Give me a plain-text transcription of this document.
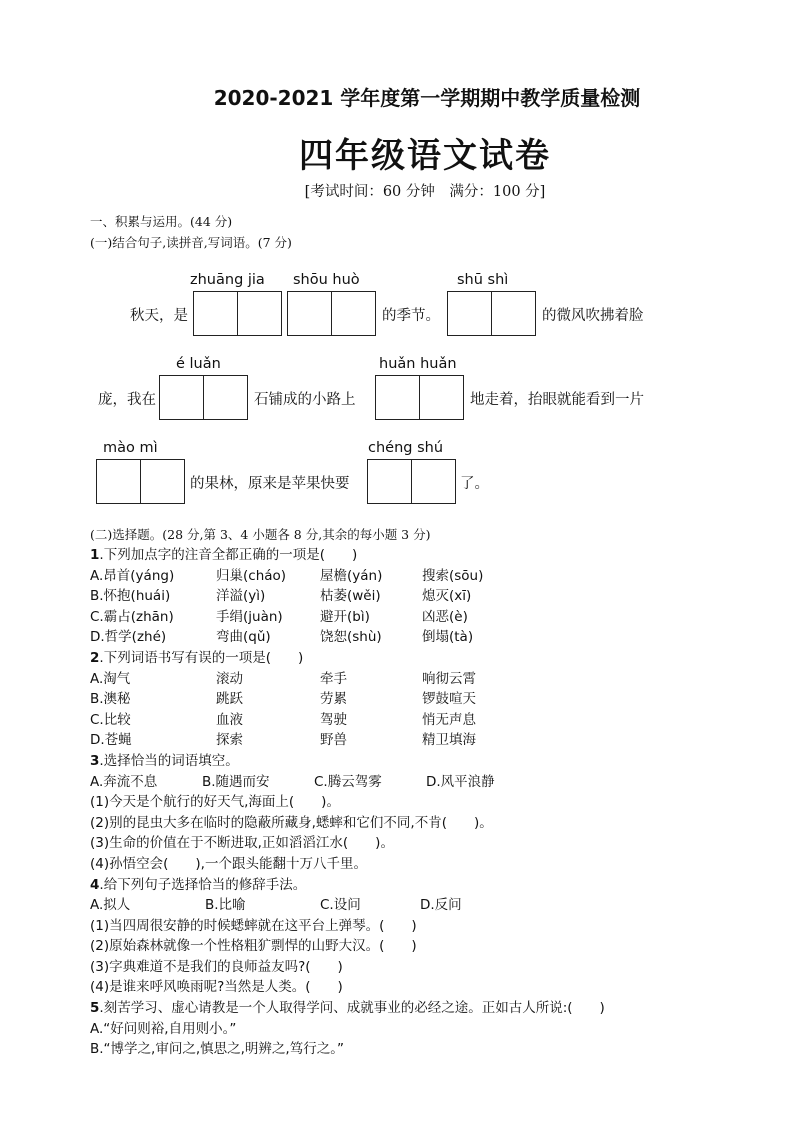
2020-2021 学年度第一学期期中教学质量检测
四年级语文试卷
[考试时间：60 分钟　满分：100 分]
一、积累与运用。(44 分)
(一)结合句子,读拼音,写词语。(7 分)
zhuāng jia shōu huò	shū shì
秋天，是	的季节。	的微风吹拂着脸
é luǎn	huǎn huǎn
庞，我在	石铺成的小路上	地走着，抬眼就能看到一片
mào mì	chéng shú
的果林，原来是苹果快要	了。
(二)选择题。(28 分,第 3、4 小题各 8 分,其余的每小题 3 分)
1 .下列加点字的注音全都正确的一项是(　　)
A.昂首(yáng)	归巢(cháo)	屋檐(yán)	搜索(sōu)
B.怀抱(huái)	洋溢(yì)	枯萎(wěi)	熄灭(xī)
C.霸占(zhān)	手绢(juàn)	避开(bì)	凶恶(è)
D.哲学(zhé)	弯曲(qǔ)	饶恕(shù)	倒塌(tà)
2 .下列词语书写有误的一项是(　　)
A.淘气	滚动	牵手	响彻云霄
B.澳秘	跳跃	劳累	锣鼓喧天
C.比较	血液	驾驶	悄无声息
D.苍蝇	探索	野兽	精卫填海
3 .选择恰当的词语填空。
A.奔流不息	B.随遇而安	C.腾云驾雾	D.风平浪静
(1)今天是个航行的好天气,海面上(　　)。
(2)别的昆虫大多在临时的隐蔽所藏身,蟋蟀和它们不同,不肯(　　)。
(3)生命的价值在于不断进取,正如滔滔江水(　　)。
(4)孙悟空会(　　),一个跟头能翻十万八千里。
4 .给下列句子选择恰当的修辞手法。
A.拟人	B.比喻	C.设问	D.反问
(1)当四周很安静的时候蟋蟀就在这平台上弹琴。(　　)
(2)原始森林就像一个性格粗犷剽悍的山野大汉。(　　)
(3)字典难道不是我们的良师益友吗?(　　)
(4)是谁来呼风唤雨呢?当然是人类。(　　)
5 .刻苦学习、虚心请教是一个人取得学问、成就事业的必经之途。正如古人所说:(　　)
A.“好问则裕,自用则小。”
B.“博学之,审问之,慎思之,明辨之,笃行之。”
